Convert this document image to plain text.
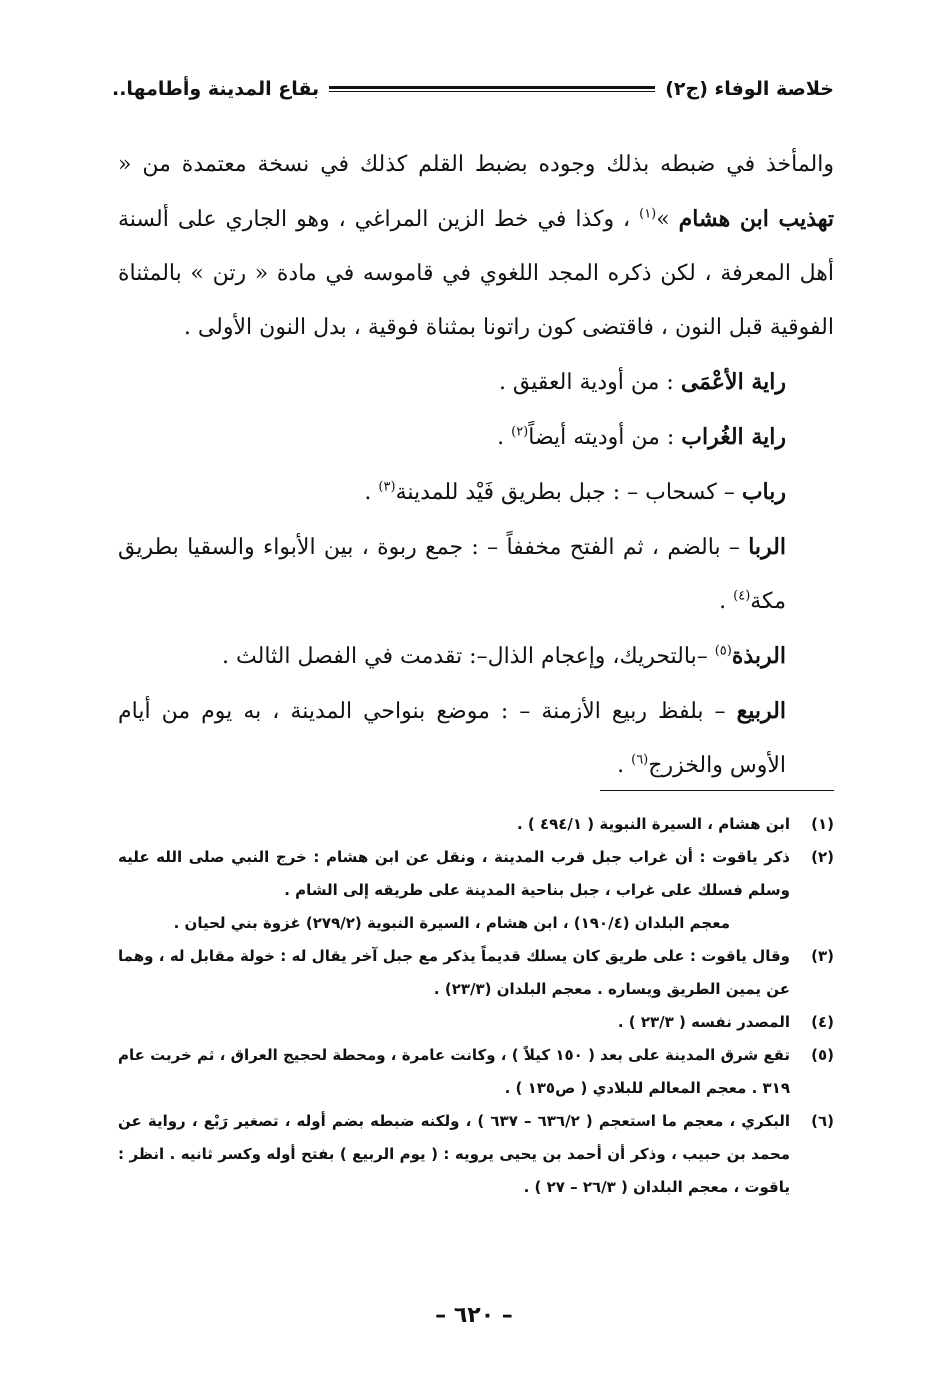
خلاصة الوفاء (ج٢)
بقاع المدينة وأطامها..

والمأخذ في ضبطه بذلك وجوده بضبط القلم كذلك في نسخة معتمدة من « تهذيب ابن هشام »$^{(١)}$ ، وكذا في خط الزين المراغي ، وهو الجاري على ألسنة أهل المعرفة ، لكن ذكره المجد اللغوي في قاموسه في مادة « رتن » بالمثناة الفوقية قبل النون ، فاقتضى كون راتونا بمثناة فوقية ، بدل النون الأولى .

راية الأعْمَى : من أودية العقيق .

راية الغُراب : من أوديته أيضاً$^{(٢)}$ .

رباب – كسحاب – : جبل بطريق فَيْد للمدينة$^{(٣)}$ .

الربا – بالضم ، ثم الفتح مخففاً – : جمع ربوة ، بين الأبواء والسقيا بطريق مكة$^{(٤)}$ .

الربذة$^{(٥)}$ –بالتحريك، وإعجام الذال–: تقدمت في الفصل الثالث .

الربيع – بلفظ ربيع الأزمنة – : موضع بنواحي المدينة ، به يوم من أيام الأوس والخزرج$^{(٦)}$ .

(١)
ابن هشام ، السيرة النبوية ( ٤٩٤/١ ) .
(٢)
ذكر ياقوت : أن غراب جبل قرب المدينة ، ونقل عن ابن هشام : خرج النبي صلى الله عليه وسلم فسلك على غراب ، جبل بناحية المدينة على طريقه إلى الشام .
معجم البلدان (١٩٠/٤) ، ابن هشام ، السيرة النبوية (٢٧٩/٢) غزوة بني لحيان .
(٣)
وقال ياقوت : على طريق كان يسلك قديماً يذكر مع جبل آخر يقال له : خولة مقابل له ، وهما عن يمين الطريق ويساره . معجم البلدان (٢٣/٣) .
(٤)
المصدر نفسه ( ٢٣/٣ ) .
(٥)
تقع شرق المدينة على بعد ( ١٥٠ كيلاً ) ، وكانت عامرة ، ومحطة لحجيج العراق ، ثم خربت عام ٣١٩ . معجم المعالم للبلادي ( ص١٣٥ ) .
(٦)
البكري ، معجم ما استعجم ( ٦٣٦/٢ – ٦٣٧ ) ، ولكنه ضبطه بضم أوله ، تصغير رَبْع ، رواية عن محمد بن حبيب ، وذكر أن أحمد بن يحيى يرويه : ( يوم الربيع ) بفتح أوله وكسر ثانيه . انظر : ياقوت ، معجم البلدان ( ٢٦/٣ – ٢٧ ) .
– ٦٢٠ –
